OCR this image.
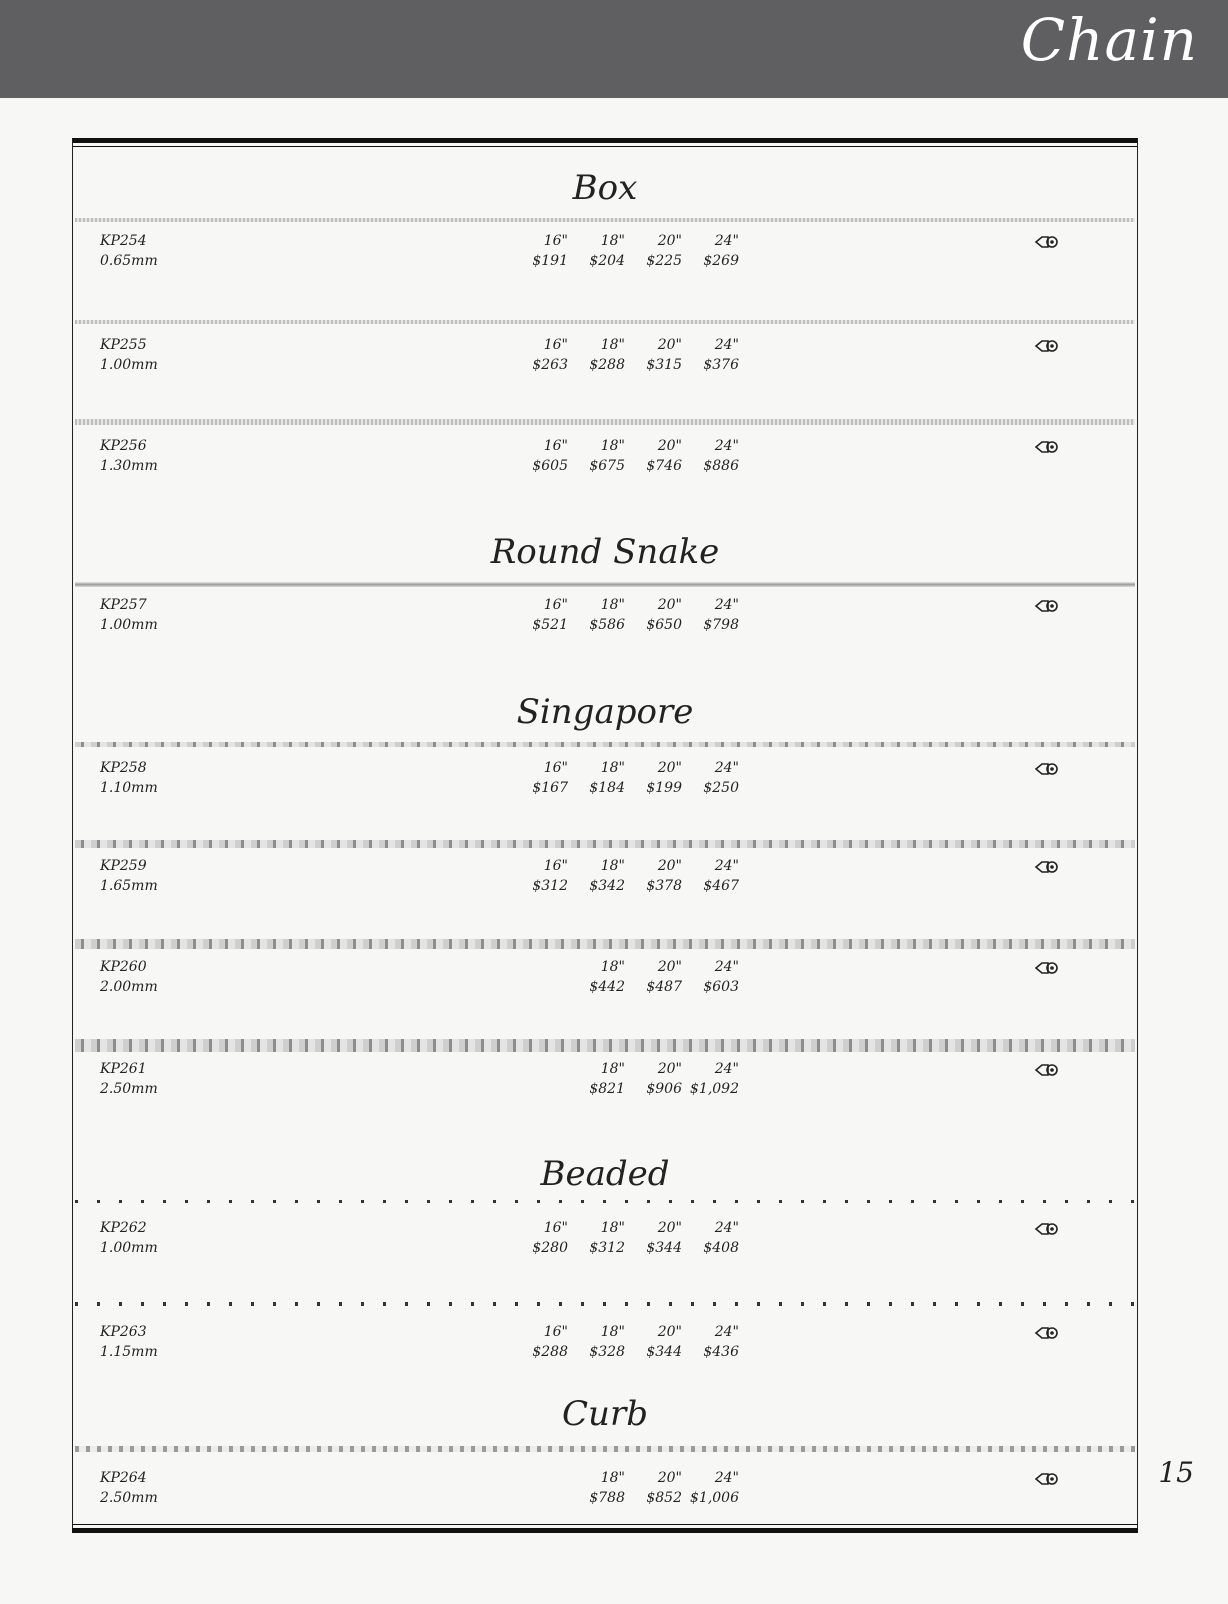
Chain
Box
Round Snake
Singapore
Beaded
Curb
KP254
0.65mm
16"
$191
18"
$204
20"
$225
24"
$269
KP255
1.00mm
16"
$263
18"
$288
20"
$315
24"
$376
KP256
1.30mm
16"
$605
18"
$675
20"
$746
24"
$886
KP257
1.00mm
16"
$521
18"
$586
20"
$650
24"
$798
KP258
1.10mm
16"
$167
18"
$184
20"
$199
24"
$250
KP259
1.65mm
16"
$312
18"
$342
20"
$378
24"
$467
KP260
2.00mm
18"
$442
20"
$487
24"
$603
KP261
2.50mm
18"
$821
20"
$906
24"
$1,092
KP262
1.00mm
16"
$280
18"
$312
20"
$344
24"
$408
KP263
1.15mm
16"
$288
18"
$328
20"
$344
24"
$436
KP264
2.50mm
18"
$788
20"
$852
24"
$1,006
15
